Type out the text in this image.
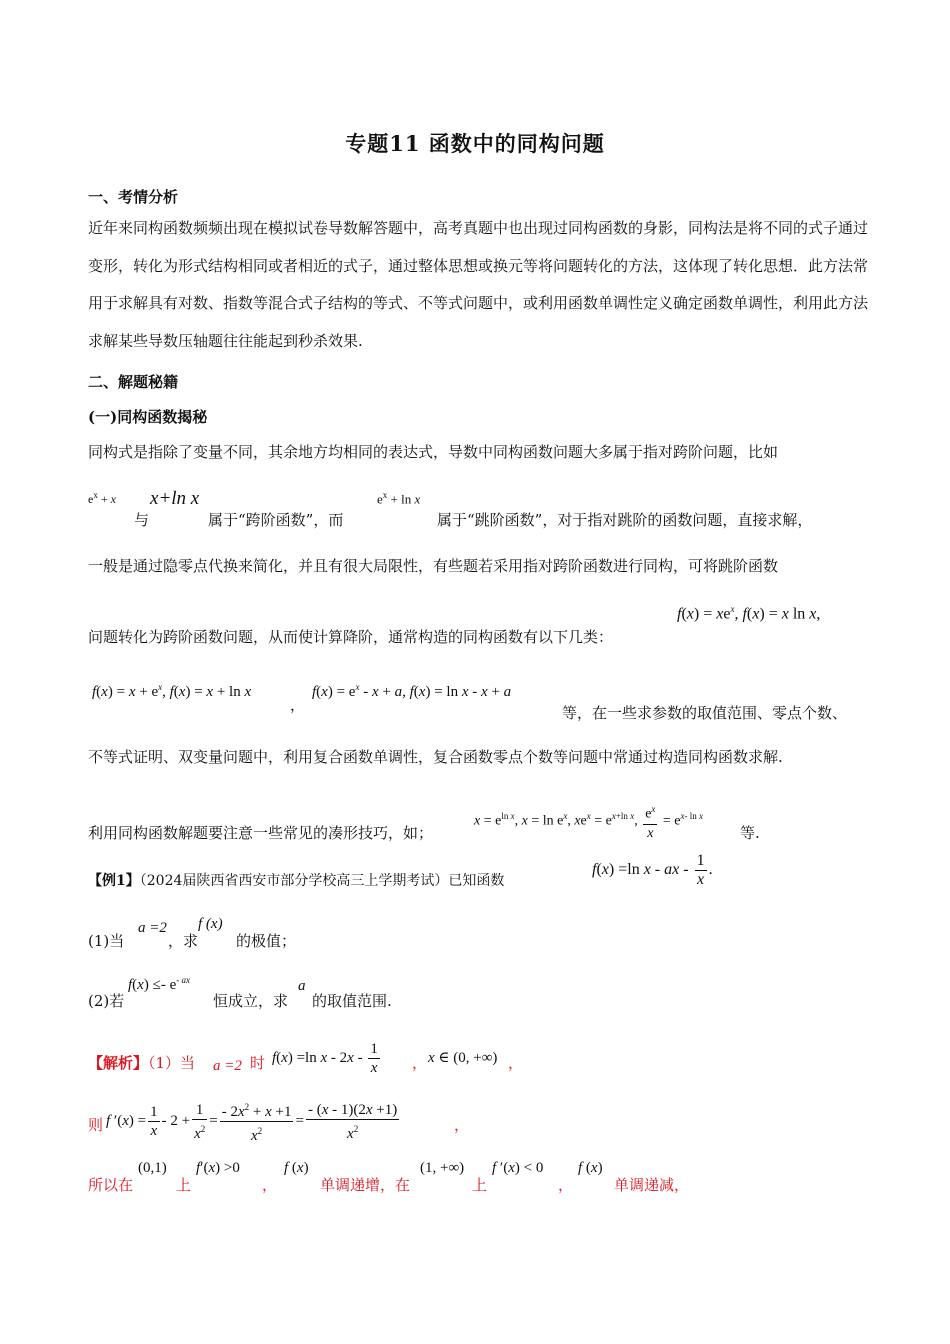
专题11 函数中的同构问题
一、考情分析
近年来同构函数频频出现在模拟试卷导数解答题中，高考真题中也出现过同构函数的身影，同构法是将不同的式子通过变形，转化为形式结构相同或者相近的式子，通过整体思想或换元等将问题转化的方法，这体现了转化思想．此方法常用于求解具有对数、指数等混合式子结构的等式、不等式问题中，或利用函数单调性定义确定函数单调性，利用此方法求解某些导数压轴题往往能起到秒杀效果.
二、解题秘籍
(一)同构函数揭秘
同构式是指除了变量不同，其余地方均相同的表达式，导数中同构函数问题大多属于指对跨阶问题，比如
$e^x + x$
与
x+ln x
属于“跨阶函数”，而
$e^x + \ln x$
属于“跳阶函数”，对于指对跳阶的函数问题，直接求解，
一般是通过隐零点代换来简化，并且有很大局限性，有些题若采用指对跨阶函数进行同构，可将跳阶函数
$f(x) = xe^x$, f(x) = x ln x,
问题转化为跨阶函数问题，从而使计算降阶，通常构造的同构函数有以下几类：
$f(x) = x + e^x$, f(x) = x + ln x
，
$f(x) = e^x - x + a$, f(x) = ln x - x + a
等，在一些求参数的取值范围、零点个数、
不等式证明、双变量问题中，利用复合函数单调性，复合函数零点个数等问题中常通过构造同构函数求解.
$x = e^{ln x}$, $x = \ln e^x$, $xe^x = e^{x+ln x}$, $\frac{e^x}{x} = e^{x- ln x}$
利用同构函数解题要注意一些常见的凑形技巧，如；	等.
【例1】（2024届陕西省西安市部分学校高三上学期考试）已知函数
f(x) =ln x - ax - $\frac{1}{x}$ .
(1)当
a =2
，求
f (x)
的极值；
(2)若
$f(x) \le- e^{- ax}$
恒成立，求
a
的取值范围.
【解析】（1）当 a =2 时 f(x) =ln x - $2x - \frac{1}{x}$ ， x ∈ (0, +∞) ，
则 f $'(x) = \frac{1}{x} - 2 + \frac{1}{x^2} = \frac{- 2x^2 + x +1}{x^2} = \frac{- (x - 1)(2x +1)}{x^2}$	，
所以在
(0,1)
上
f′(x) >0
，
f (x)
单调递增，在
(1, +∞)
上
f ′(x) < 0
，
f (x)
单调递减，
